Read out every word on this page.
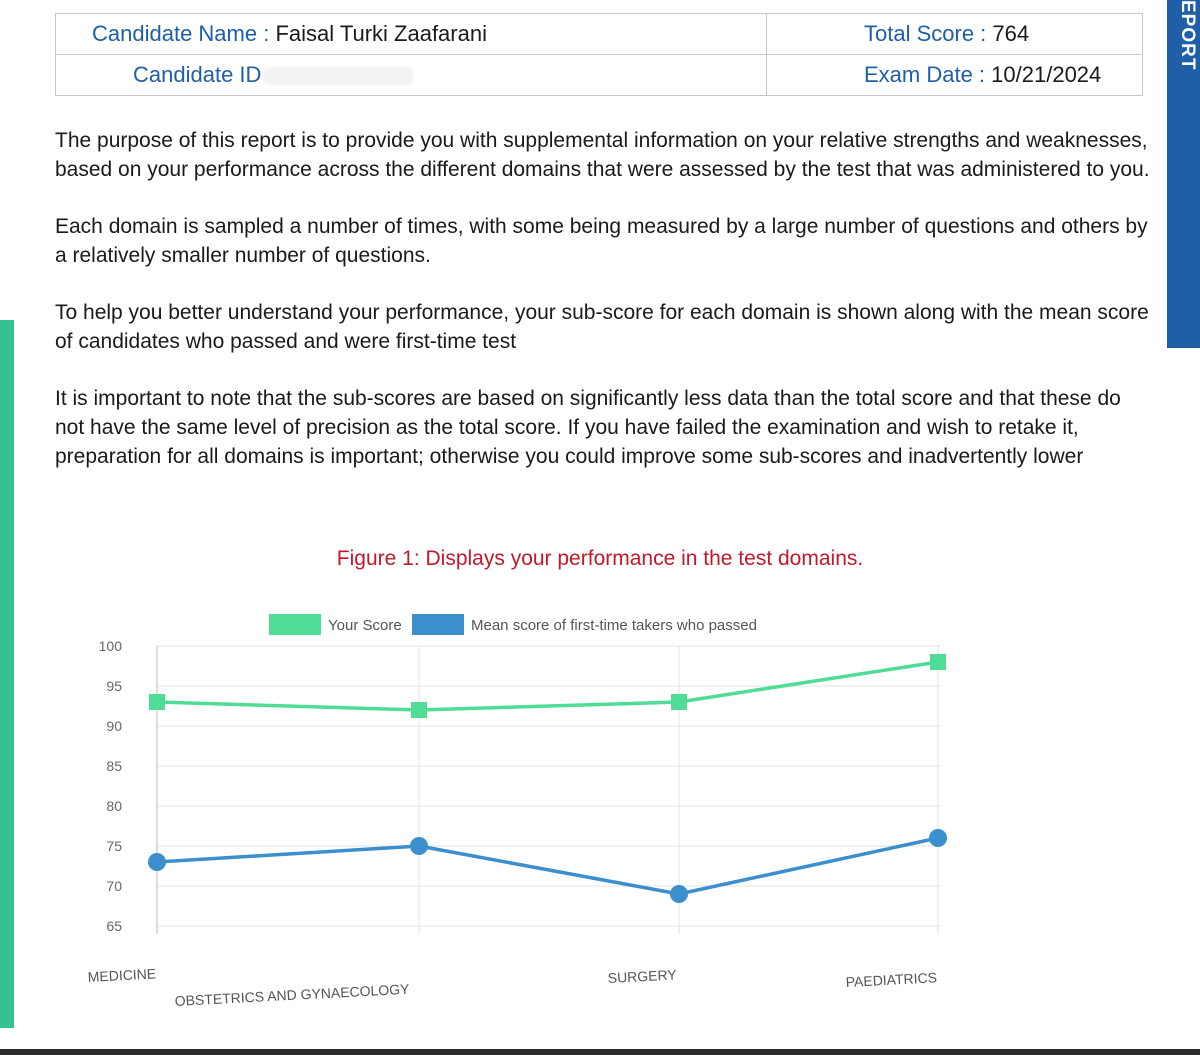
EPORT
Candidate Name : Faisal Turki Zaafarani	Total Score : 764
Candidate ID	Exam Date : 10/21/2024

The purpose of this report is to provide you with supplemental information on your relative strengths and weaknesses, based on your performance across the different domains that were assessed by the test that was administered to you.

Each domain is sampled a number of times, with some being measured by a large number of questions and others by a relatively smaller number of questions.

To help you better understand your performance, your sub-score for each domain is shown along with the mean score of candidates who passed and were first-time test

It is important to note that the sub-scores are based on significantly less data than the total score and that these do not have the same level of precision as the total score. If you have failed the examination and wish to retake it, preparation for all domains is important; otherwise you could improve some sub-scores and inadvertently lower

Figure 1: Displays your performance in the test domains.
100
95
90
85
80
75
70
65
MEDICINE
OBSTETRICS AND GYNAECOLOGY
SURGERY	PAEDIATRICS
Your Score	Mean score of first-time takers who passed
